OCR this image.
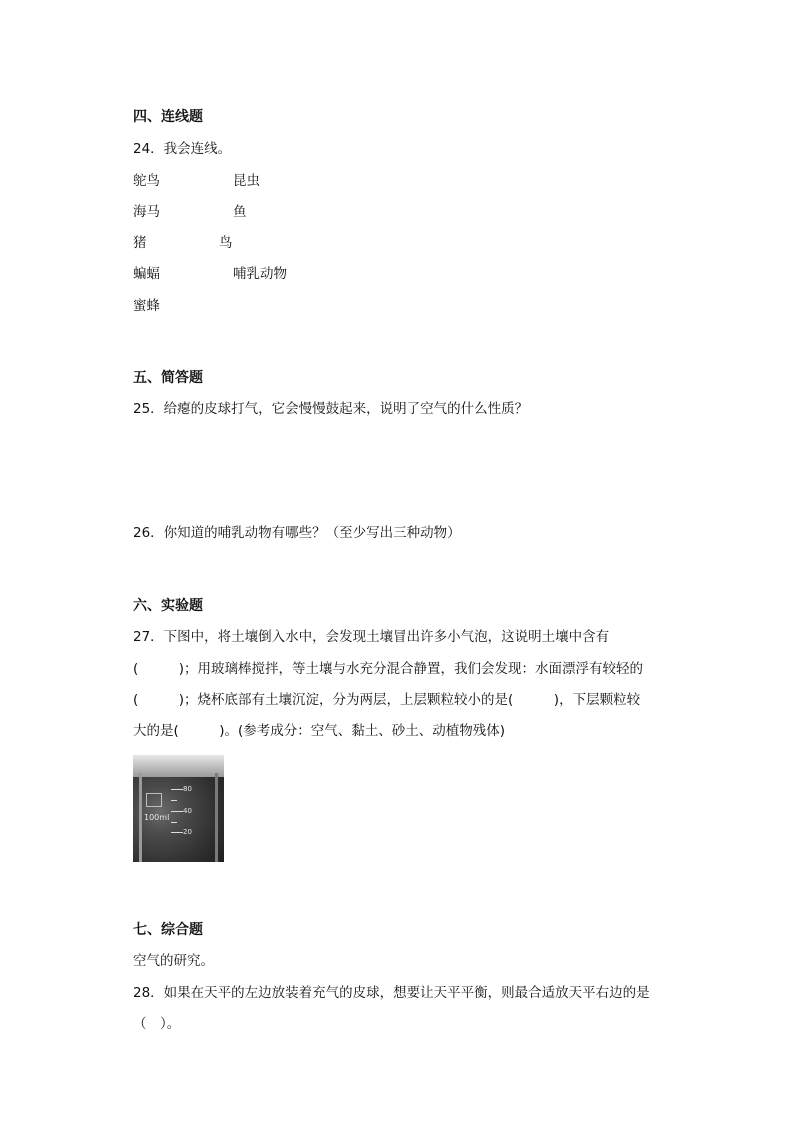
四、连线题
24．我会连线。
鸵鸟
海马
猪
蝙蝠
蜜蜂
昆虫
鱼
鸟
哺乳动物
五、简答题
25．给瘪的皮球打气，它会慢慢鼓起来，说明了空气的什么性质？
26．你知道的哺乳动物有哪些？（至少写出三种动物）
六、实验题
27．下图中，将土壤倒入水中，会发现土壤冒出许多小气泡，这说明土壤中含有
(　　　)；用玻璃棒搅拌，等土壤与水充分混合静置，我们会发现：水面漂浮有较轻的
(　　　)；烧杯底部有土壤沉淀，分为两层，上层颗粒较小的是(　　　)，下层颗粒较
大的是(　　　)。(参考成分：空气、黏土、砂土、动植物残体)
80
40
20
100ml
七、综合题
空气的研究。
28．如果在天平的左边放装着充气的皮球，想要让天平平衡，则最合适放天平右边的是
（　）。
